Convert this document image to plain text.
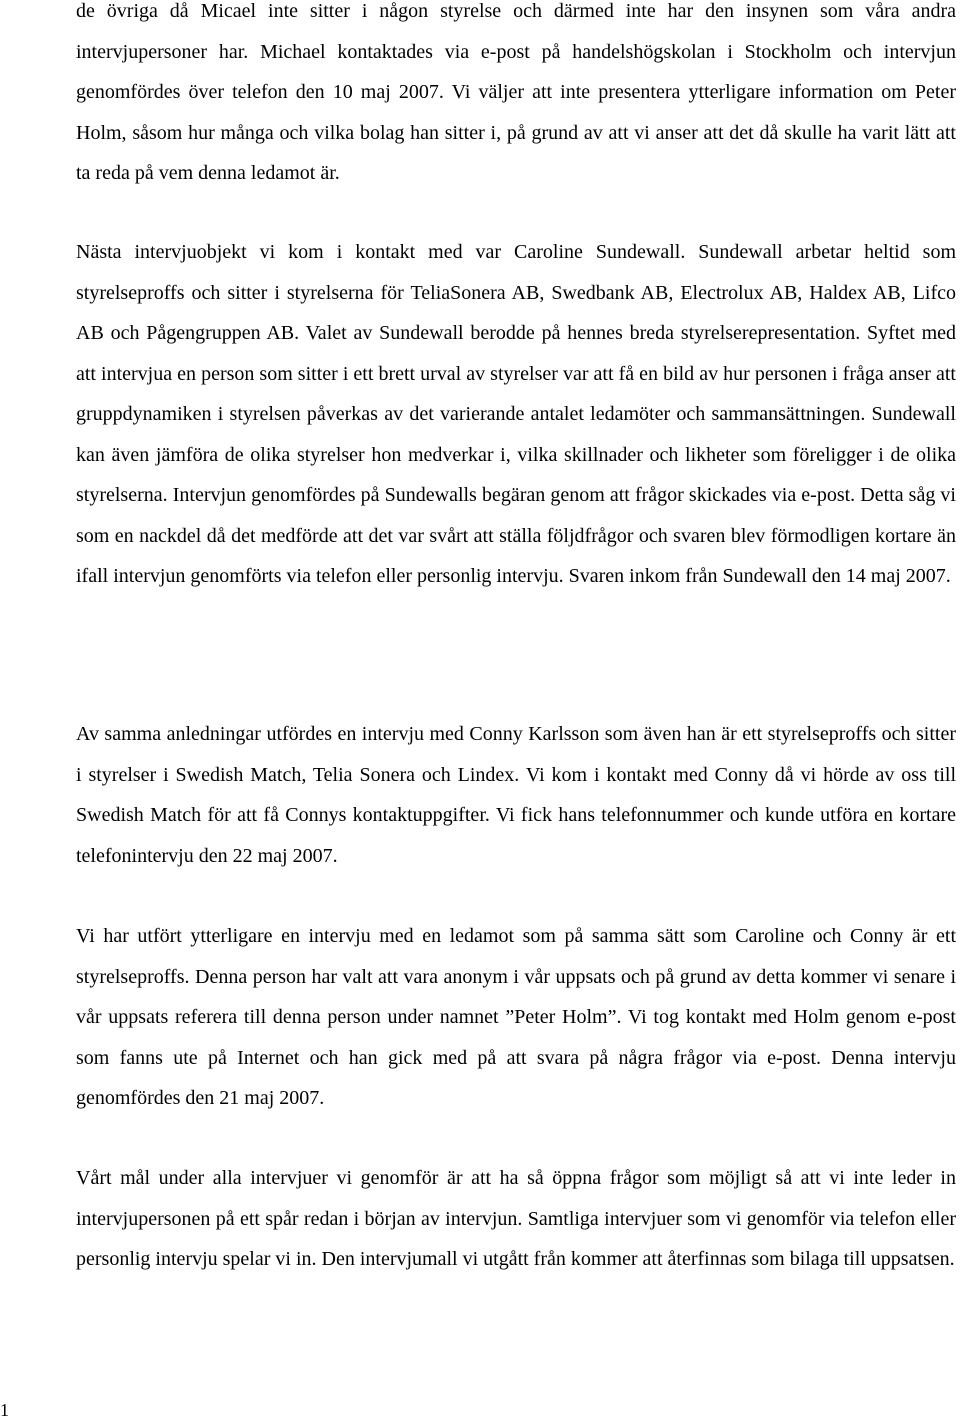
de övriga då Micael inte sitter i någon styrelse och därmed inte har den insynen som våra andra intervjupersoner har. Michael kontaktades via e-post på handelshögskolan i Stockholm och intervjun genomfördes över telefon den 10 maj 2007. Vi väljer att inte presentera ytterligare information om Peter Holm, såsom hur många och vilka bolag han sitter i, på grund av att vi anser att det då skulle ha varit lätt att ta reda på vem denna ledamot är.

Nästa intervjuobjekt vi kom i kontakt med var Caroline Sundewall. Sundewall arbetar heltid som styrelseproffs och sitter i styrelserna för TeliaSonera AB, Swedbank AB, Electrolux AB, Haldex AB, Lifco AB och Pågengruppen AB. Valet av Sundewall berodde på hennes breda styrelserepresentation. Syftet med att intervjua en person som sitter i ett brett urval av styrelser var att få en bild av hur personen i fråga anser att gruppdynamiken i styrelsen påverkas av det varierande antalet ledamöter och sammansättningen. Sundewall kan även jämföra de olika styrelser hon medverkar i, vilka skillnader och likheter som föreligger i de olika styrelserna. Intervjun genomfördes på Sundewalls begäran genom att frågor skickades via e-post. Detta såg vi som en nackdel då det medförde att det var svårt att ställa följdfrågor och svaren blev förmodligen kortare än ifall intervjun genomförts via telefon eller personlig intervju. Svaren inkom från Sundewall den 14 maj 2007.

Av samma anledningar utfördes en intervju med Conny Karlsson som även han är ett styrelseproffs och sitter i styrelser i Swedish Match, Telia Sonera och Lindex. Vi kom i kontakt med Conny då vi hörde av oss till Swedish Match för att få Connys kontaktuppgifter. Vi fick hans telefonnummer och kunde utföra en kortare telefonintervju den 22 maj 2007.

Vi har utfört ytterligare en intervju med en ledamot som på samma sätt som Caroline och Conny är ett styrelseproffs. Denna person har valt att vara anonym i vår uppsats och på grund av detta kommer vi senare i vår uppsats referera till denna person under namnet ”Peter Holm”. Vi tog kontakt med Holm genom e-post som fanns ute på Internet och han gick med på att svara på några frågor via e-post. Denna intervju genomfördes den 21 maj 2007.

Vårt mål under alla intervjuer vi genomför är att ha så öppna frågor som möjligt så att vi inte leder in intervjupersonen på ett spår redan i början av intervjun. Samtliga intervjuer som vi genomför via telefon eller personlig intervju spelar vi in. Den intervjumall vi utgått från kommer att återfinnas som bilaga till uppsatsen.

1
